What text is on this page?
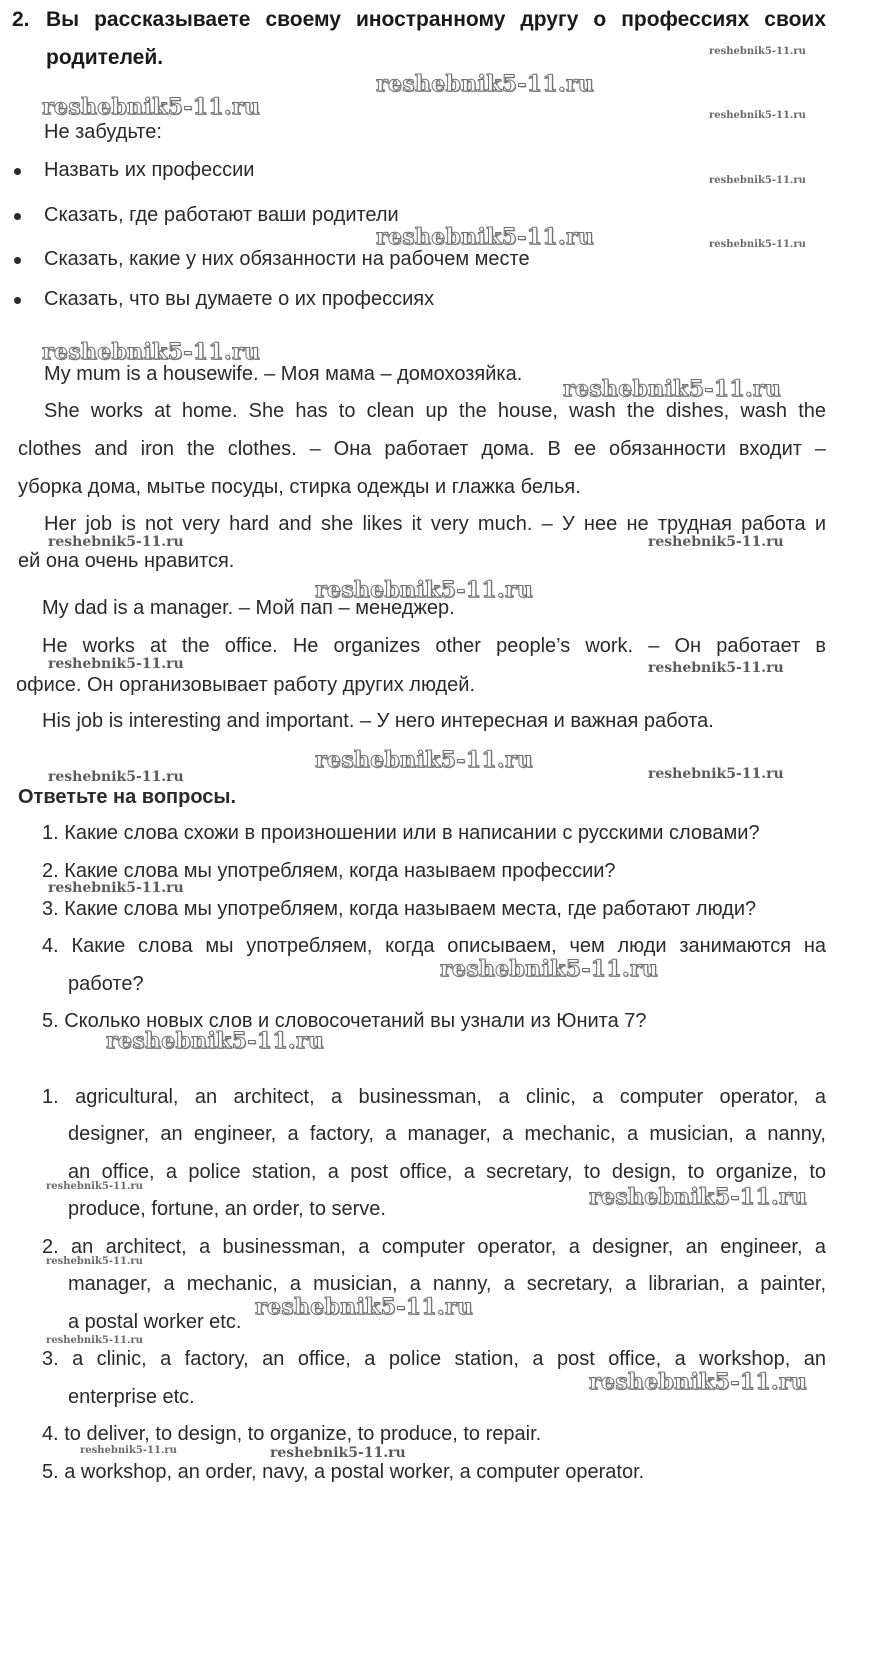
2. Вы рассказываете своему иностранному другу о профессиях своих
родителей.
Не забудьте:
Назвать их профессии
Сказать, где работают ваши родители
Сказать, какие у них обязанности на рабочем месте
Сказать, что вы думаете о их профессиях
My mum is a housewife. – Моя мама – домохозяйка.
She works at home. She has to clean up the house, wash the dishes, wash the
clothes and iron the clothes. – Она работает дома. В ее обязанности входит –
уборка дома, мытье посуды, стирка одежды и глажка белья.
Her job is not very hard and she likes it very much. – У нее не трудная работа и
ей она очень нравится.
My dad is a manager. – Мой пап – менеджер.
He works at the office. He organizes other people’s work. – Он работает в
офисе. Он организовывает работу других людей.
His job is interesting and important. – У него интересная и важная работа.
Ответьте на вопросы.
1. Какие слова схожи в произношении или в написании с русскими словами?
2. Какие слова мы употребляем, когда называем профессии?
3. Какие слова мы употребляем, когда называем места, где работают люди?
4. Какие слова мы употребляем, когда описываем, чем люди занимаются на
работе?
5. Сколько новых слов и словосочетаний вы узнали из Юнита 7?
1. agricultural, an architect, a businessman, a clinic, a computer operator, a
designer, an engineer, a factory, a manager, a mechanic, a musician, a nanny,
an office, a police station, a post office, a secretary, to design, to organize, to
produce, fortune, an order, to serve.
2. an architect, a businessman, a computer operator, a designer, an engineer, a
manager, a mechanic, a musician, a nanny, a secretary, a librarian, a painter,
a postal worker etc.
3. a clinic, a factory, an office, a police station, a post office, a workshop, an
enterprise etc.
4. to deliver, to design, to organize, to produce, to repair.
5. a workshop, an order, navy, a postal worker, a computer operator.
reshebnik5-11.ru
reshebnik5-11.ru
reshebnik5-11.ru
reshebnik5-11.ru
reshebnik5-11.ru
reshebnik5-11.ru
reshebnik5-11.ru
reshebnik5-11.ru
reshebnik5-11.ru
reshebnik5-11.ru
reshebnik5-11.ru
reshebnik5-11.ru
reshebnik5-11.ru	reshebnik5-11.ru
reshebnik5-11.ru	reshebnik5-11.ru
reshebnik5-11.ru	reshebnik5-11.ru
reshebnik5-11.ru
reshebnik5-11.ru
reshebnik5-11.ru
reshebnik5-11.ru
reshebnik5-11.ru
reshebnik5-11.ru
reshebnik5-11.ru
reshebnik5-11.ru
reshebnik5-11.ru
reshebnik5-11.ru
